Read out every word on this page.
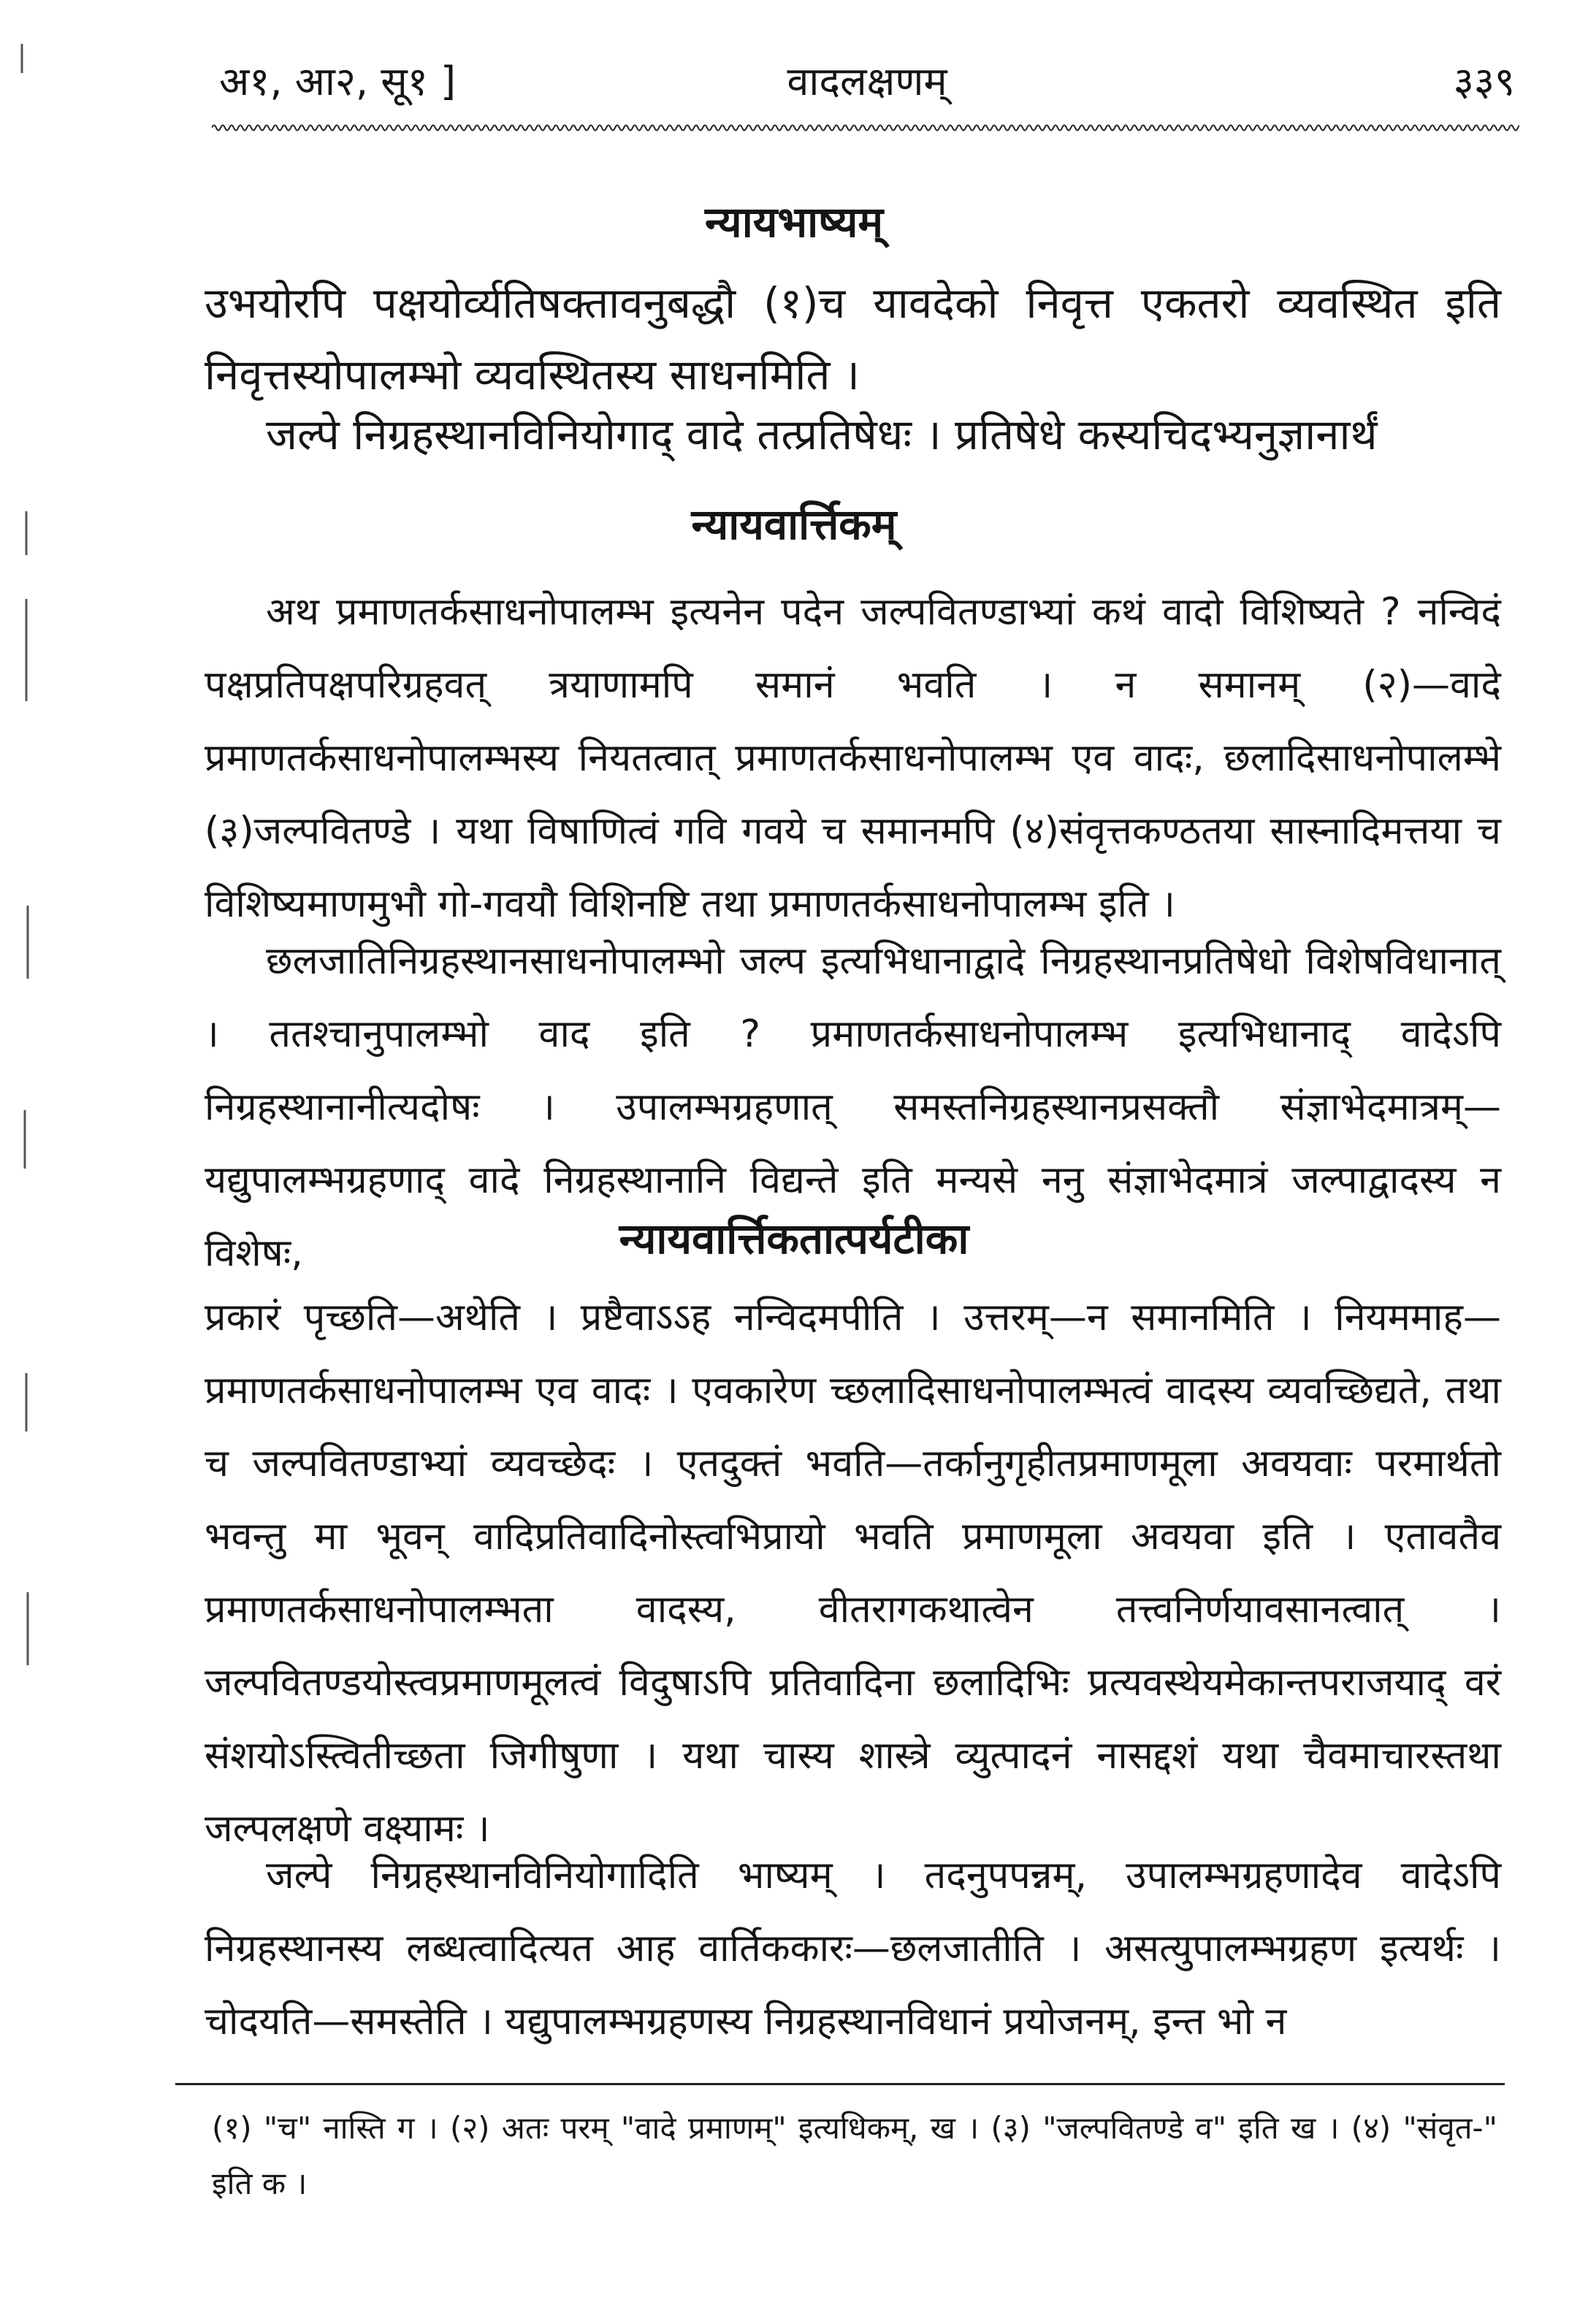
अ१, आ२, सू१ ]	वादलक्षणम्	३३९
न्यायभाष्यम्

उभयोरपि पक्षयोर्व्यतिषक्तावनुबद्धौ (१)च यावदेको निवृत्त एकतरो व्यवस्थित इति निवृत्तस्योपालम्भो व्यवस्थितस्य साधनमिति ।

जल्पे निग्रहस्थानविनियोगाद् वादे तत्प्रतिषेधः । प्रतिषेधे कस्यचिदभ्यनुज्ञानार्थं

न्यायवार्त्तिकम्

अथ प्रमाणतर्कसाधनोपालम्भ इत्यनेन पदेन जल्पवितण्डाभ्यां कथं वादो विशिष्यते ? नन्विदं पक्षप्रतिपक्षपरिग्रहवत् त्रयाणामपि समानं भवति । न समानम् (२)—वादे प्रमाणतर्कसाधनोपालम्भस्य नियतत्वात् प्रमाणतर्कसाधनोपालम्भ एव वादः, छलादिसाधनोपालम्भे (३)जल्पवितण्डे । यथा विषाणित्वं गवि गवये च समानमपि (४)संवृत्तकण्ठतया सास्नादिमत्तया च विशिष्यमाणमुभौ गो-गवयौ विशिनष्टि तथा प्रमाणतर्कसाधनोपालम्भ इति ।

छलजातिनिग्रहस्थानसाधनोपालम्भो जल्प इत्यभिधानाद्वादे निग्रहस्थानप्रतिषेधो विशेषविधानात् । ततश्चानुपालम्भो वाद इति ? प्रमाणतर्कसाधनोपालम्भ इत्यभिधानाद् वादेऽपि निग्रहस्थानानीत्यदोषः । उपालम्भग्रहणात् समस्तनिग्रहस्थानप्रसक्तौ संज्ञाभेदमात्रम्—यद्युपालम्भग्रहणाद् वादे निग्रहस्थानानि विद्यन्ते इति मन्यसे ननु संज्ञाभेदमात्रं जल्पाद्वादस्य न विशेषः,	न्यायवार्त्तिकतात्पर्यटीका

प्रकारं पृच्छति—अथेति । प्रष्टैवाऽऽह नन्विदमपीति । उत्तरम्—न समानमिति । नियममाह—प्रमाणतर्कसाधनोपालम्भ एव वादः । एवकारेण च्छलादिसाधनोपालम्भत्वं वादस्य व्यवच्छिद्यते, तथा च जल्पवितण्डाभ्यां व्यवच्छेदः । एतदुक्तं भवति—तर्कानुगृहीतप्रमाणमूला अवयवाः परमार्थतो भवन्तु मा भूवन् वादिप्रतिवादिनोस्त्वभिप्रायो भवति प्रमाणमूला अवयवा इति । एतावतैव प्रमाणतर्कसाधनोपालम्भता वादस्य, वीतरागकथात्वेन तत्त्वनिर्णयावसानत्वात् । जल्पवितण्डयोस्त्वप्रमाणमूलत्वं विदुषाऽपि प्रतिवादिना छलादिभिः प्रत्यवस्थेयमेकान्तपराजयाद् वरं संशयोऽस्त्विती‍च्छता जिगीषुणा । यथा चास्य शास्त्रे व्युत्पादनं नासद्दशं यथा चैवमाचारस्तथा जल्पलक्षणे वक्ष्यामः ।

जल्पे निग्रहस्थानविनियोगादिति भाष्यम् । तदनुपपन्नम्, उपालम्भग्रहणादेव वादेऽपि निग्रहस्थानस्य लब्धत्वादित्यत आह वार्तिककारः—छलजातीति । असत्युपालम्भग्रहण इत्यर्थः । चोदयति—समस्तेति । यद्युपालम्भग्रहणस्य निग्रहस्थानविधानं प्रयोजनम्, इन्त भो न

(१) "च" नास्ति ग । (२) अतः परम् "वादे प्रमाणम्" इत्यधिकम्, ख । (३) "जल्पवितण्डे व" इति ख । (४) "संवृत-" इति क ।
